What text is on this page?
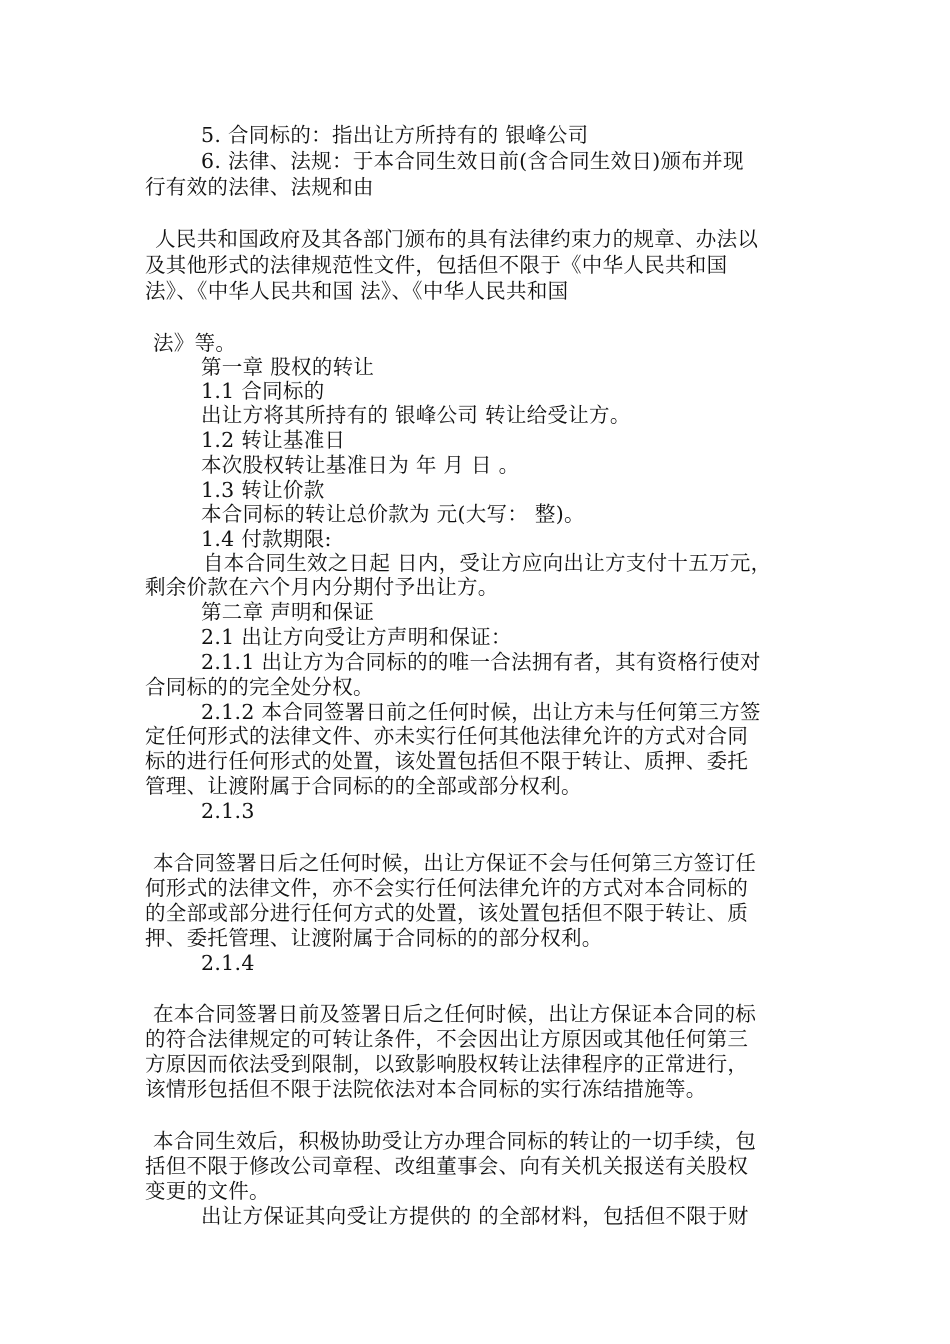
5. 合同标的：指出让方所持有的 银峰公司
6. 法律、法规：于本合同生效日前(含合同生效日)颁布并现
行有效的法律、法规和由
人民共和国政府及其各部门颁布的具有法律约束力的规章、办法以
及其他形式的法律规范性文件，包括但不限于《中华人民共和国
法》、《中华人民共和国 法》、《中华人民共和国
法》等。
第一章 股权的转让
1.1 合同标的
出让方将其所持有的 银峰公司 转让给受让方。
1.2 转让基准日
本次股权转让基准日为 年 月 日 。
1.3 转让价款
本合同标的转让总价款为 元(大写： 整)。
1.4 付款期限:
自本合同生效之日起 日内，受让方应向出让方支付十五万元，
剩余价款在六个月内分期付予出让方。
第二章 声明和保证
2.1 出让方向受让方声明和保证：
2.1.1 出让方为合同标的的唯一合法拥有者，其有资格行使对
合同标的的完全处分权。
2.1.2 本合同签署日前之任何时候，出让方未与任何第三方签
定任何形式的法律文件、亦未实行任何其他法律允许的方式对合同
标的进行任何形式的处置，该处置包括但不限于转让、质押、委托
管理、让渡附属于合同标的的全部或部分权利。
2.1.3
本合同签署日后之任何时候，出让方保证不会与任何第三方签订任
何形式的法律文件，亦不会实行任何法律允许的方式对本合同标的
的全部或部分进行任何方式的处置，该处置包括但不限于转让、质
押、委托管理、让渡附属于合同标的的部分权利。
2.1.4
在本合同签署日前及签署日后之任何时候，出让方保证本合同的标
的符合法律规定的可转让条件，不会因出让方原因或其他任何第三
方原因而依法受到限制，以致影响股权转让法律程序的正常进行，
该情形包括但不限于法院依法对本合同标的实行冻结措施等。
本合同生效后，积极协助受让方办理合同标的转让的一切手续，包
括但不限于修改公司章程、改组董事会、向有关机关报送有关股权
变更的文件。
出让方保证其向受让方提供的 的全部材料，包括但不限于财
